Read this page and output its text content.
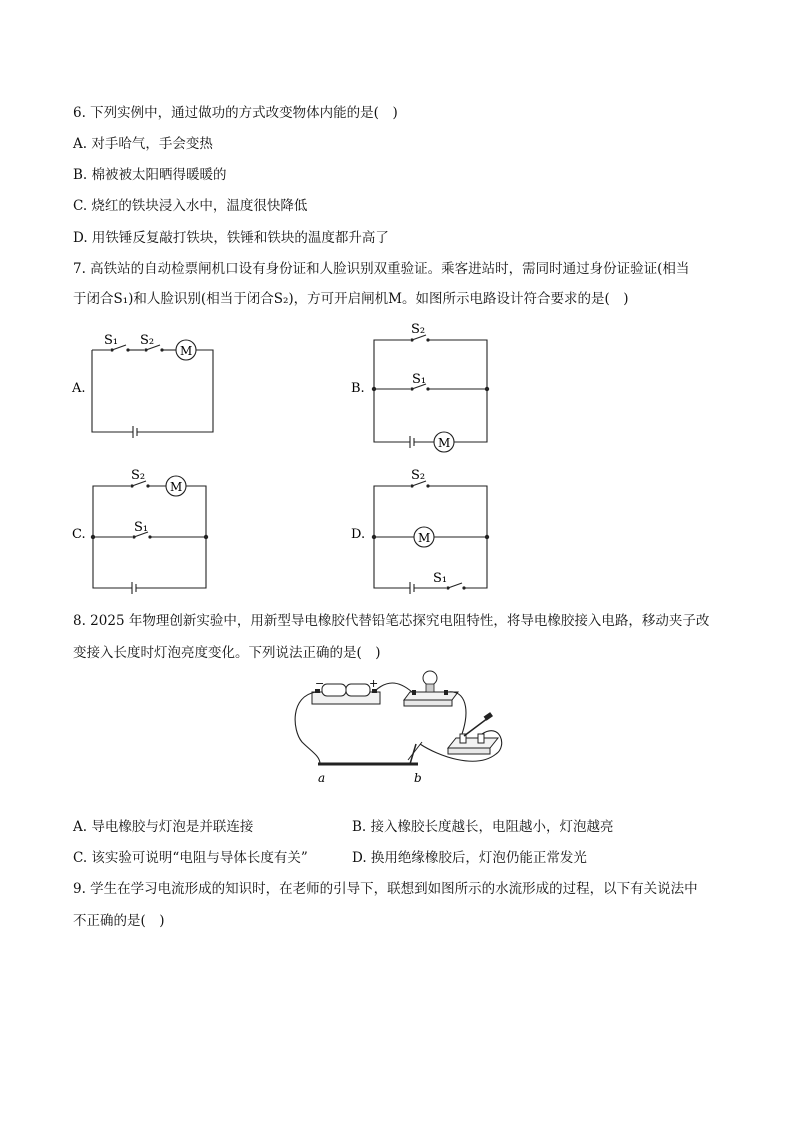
6. 下列实例中，通过做功的方式改变物体内能的是(　)
A. 对手哈气，手会变热
B. 棉被被太阳晒得暖暖的
C. 烧红的铁块浸入水中，温度很快降低
D. 用铁锤反复敲打铁块，铁锤和铁块的温度都升高了
7. 高铁站的自动检票闸机口设有身份证和人脸识别双重验证。乘客进站时，需同时通过身份证验证(相当
于闭合S₁)和人脸识别(相当于闭合S₂)，方可开启闸机M。如图所示电路设计符合要求的是(　)
A.
S₁ S₂
M
B.
S₂
S₁
M
C.
S₂
M
S₁	D.
S₂
M
S₁
8. 2025 年物理创新实验中，用新型导电橡胶代替铅笔芯探究电阻特性，将导电橡胶接入电路，移动夹子改
变接入长度时灯泡亮度变化。下列说法正确的是(　)
−	+
a	b
A. 导电橡胶与灯泡是并联连接	B. 接入橡胶长度越长，电阻越小，灯泡越亮
C. 该实验可说明“电阻与导体长度有关”	D. 换用绝缘橡胶后，灯泡仍能正常发光
9. 学生在学习电流形成的知识时，在老师的引导下，联想到如图所示的水流形成的过程，以下有关说法中
不正确的是(　)
